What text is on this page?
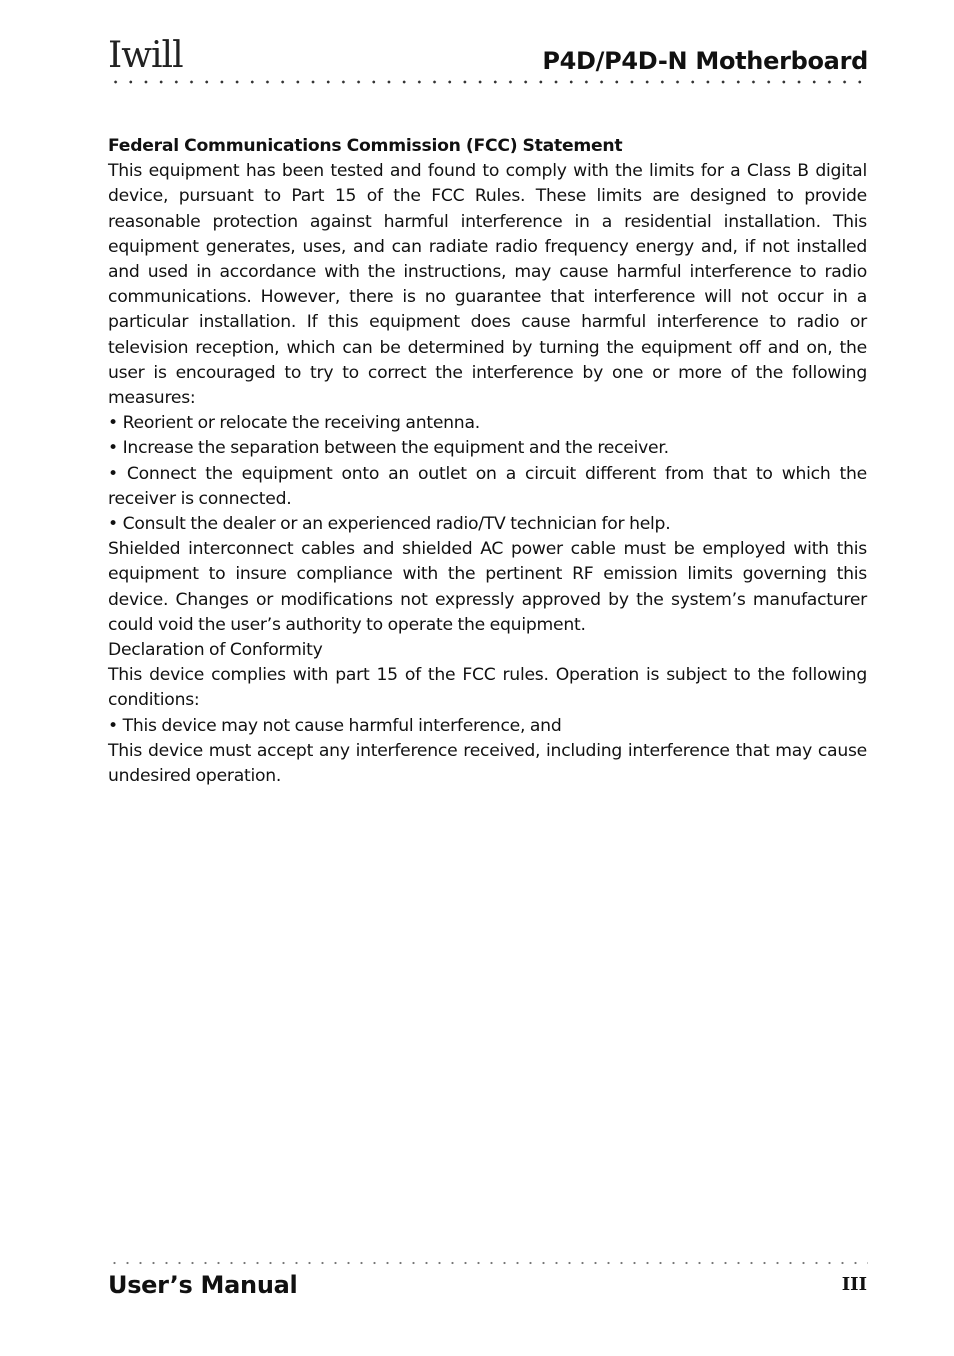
Iwill	P4D/P4D-N Motherboard

Federal Communications Commission (FCC) Statement

This equipment has been tested and found to comply with the limits for a Class B digital device, pursuant to Part 15 of the FCC Rules. These limits are designed to provide reasonable protection against harmful interference in a residential installation. This equipment generates, uses, and can radiate radio frequency energy and, if not installed and used in accordance with the instructions, may cause harmful interference to radio communications. However, there is no guarantee that interference will not occur in a particular installation. If this equipment does cause harmful interference to radio or television reception, which can be determined by turning the equipment off and on, the user is encouraged to try to correct the interference by one or more of the following measures:

• Reorient or relocate the receiving antenna.

• Increase the separation between the equipment and the receiver.

• Connect the equipment onto an outlet on a circuit different from that to which the receiver is connected.

• Consult the dealer or an experienced radio/TV technician for help.

Shielded interconnect cables and shielded AC power cable must be employed with this equipment to insure compliance with the pertinent RF emission limits governing this device. Changes or modifications not expressly approved by the system’s manufacturer could void the user’s authority to operate the equipment.

Declaration of Conformity

This device complies with part 15 of the FCC rules. Operation is subject to the following conditions:

• This device may not cause harmful interference, and

This device must accept any interference received, including interference that may cause undesired operation.

User’s Manual	III
